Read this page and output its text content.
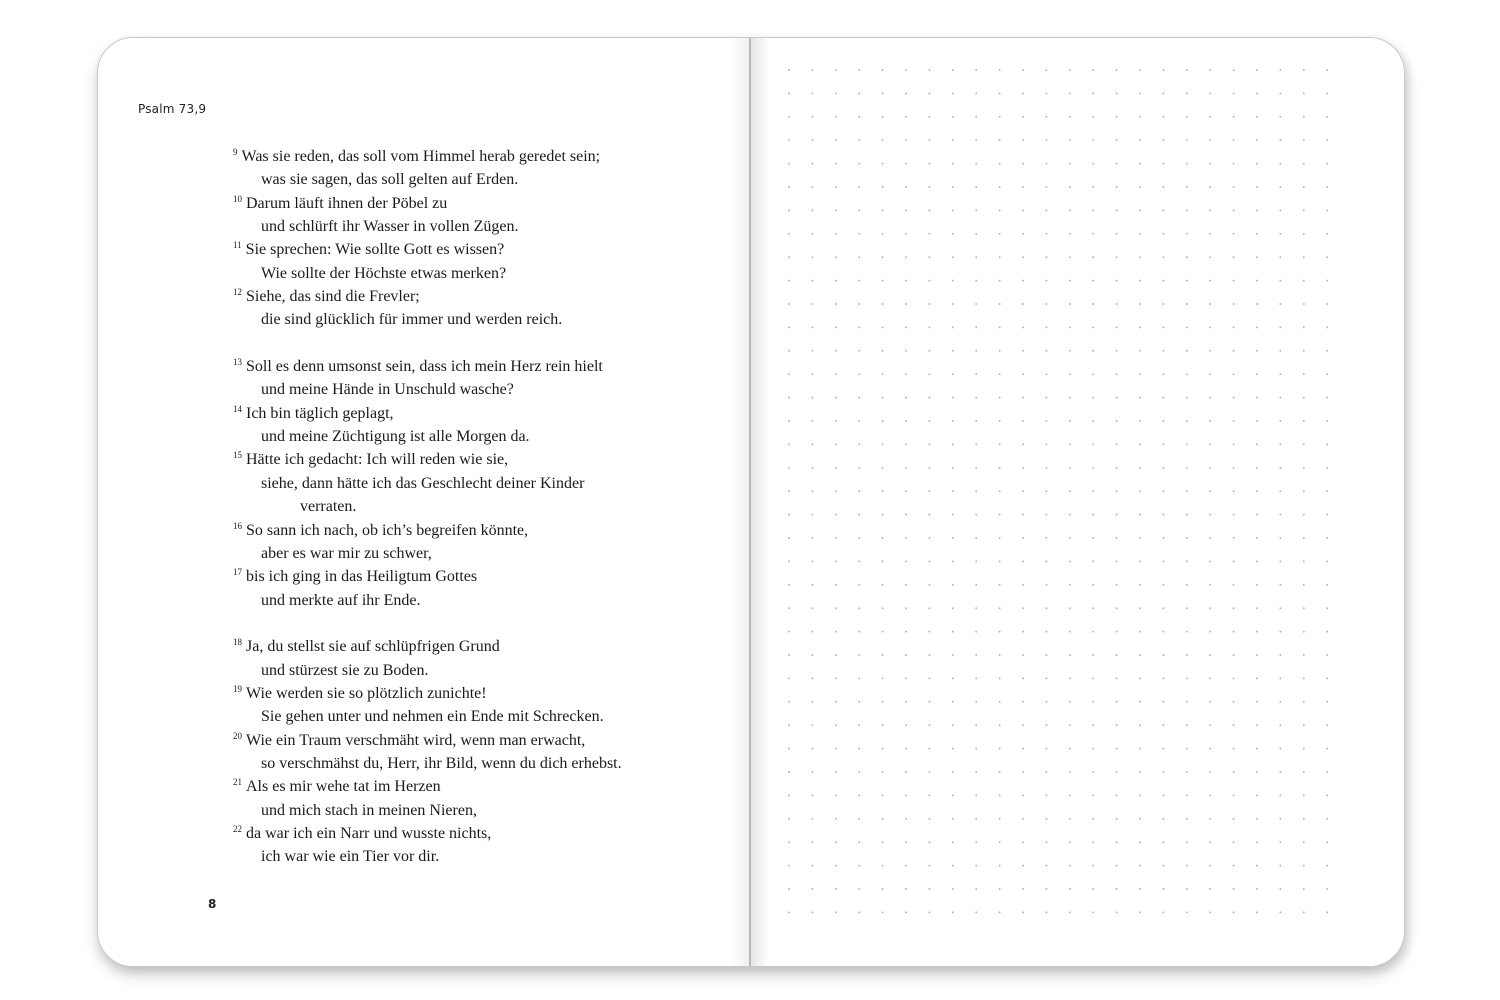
Psalm 73,9
$^9$ Was sie reden, das soll vom Himmel herab geredet sein;
was sie sagen, das soll gelten auf Erden.
$^{10}$ Darum läuft ihnen der Pöbel zu
und schlürft ihr Wasser in vollen Zügen.
$^{11}$ Sie sprechen: Wie sollte Gott es wissen?
Wie sollte der Höchste etwas merken?
$^{12}$ Siehe, das sind die Frevler;
die sind glücklich für immer und werden reich.
$^{13}$ Soll es denn umsonst sein, dass ich mein Herz rein hielt
und meine Hände in Unschuld wasche?
$^{14}$ Ich bin täglich geplagt,
und meine Züchtigung ist alle Morgen da.
$^{15}$ Hätte ich gedacht: Ich will reden wie sie,
siehe, dann hätte ich das Geschlecht deiner Kinder
verraten.
$^{16}$ So sann ich nach, ob ich’s begreifen könnte,
aber es war mir zu schwer,
$^{17}$ bis ich ging in das Heiligtum Gottes
und merkte auf ihr Ende.
$^{18}$ Ja, du stellst sie auf schlüpfrigen Grund
und stürzest sie zu Boden.
$^{19}$ Wie werden sie so plötzlich zunichte!
Sie gehen unter und nehmen ein Ende mit Schrecken.
$^{20}$ Wie ein Traum verschmäht wird, wenn man erwacht,
so verschmähst du, Herr, ihr Bild, wenn du dich erhebst.
$^{21}$ Als es mir wehe tat im Herzen
und mich stach in meinen Nieren,
$^{22}$ da war ich ein Narr und wusste nichts,
ich war wie ein Tier vor dir.
8
